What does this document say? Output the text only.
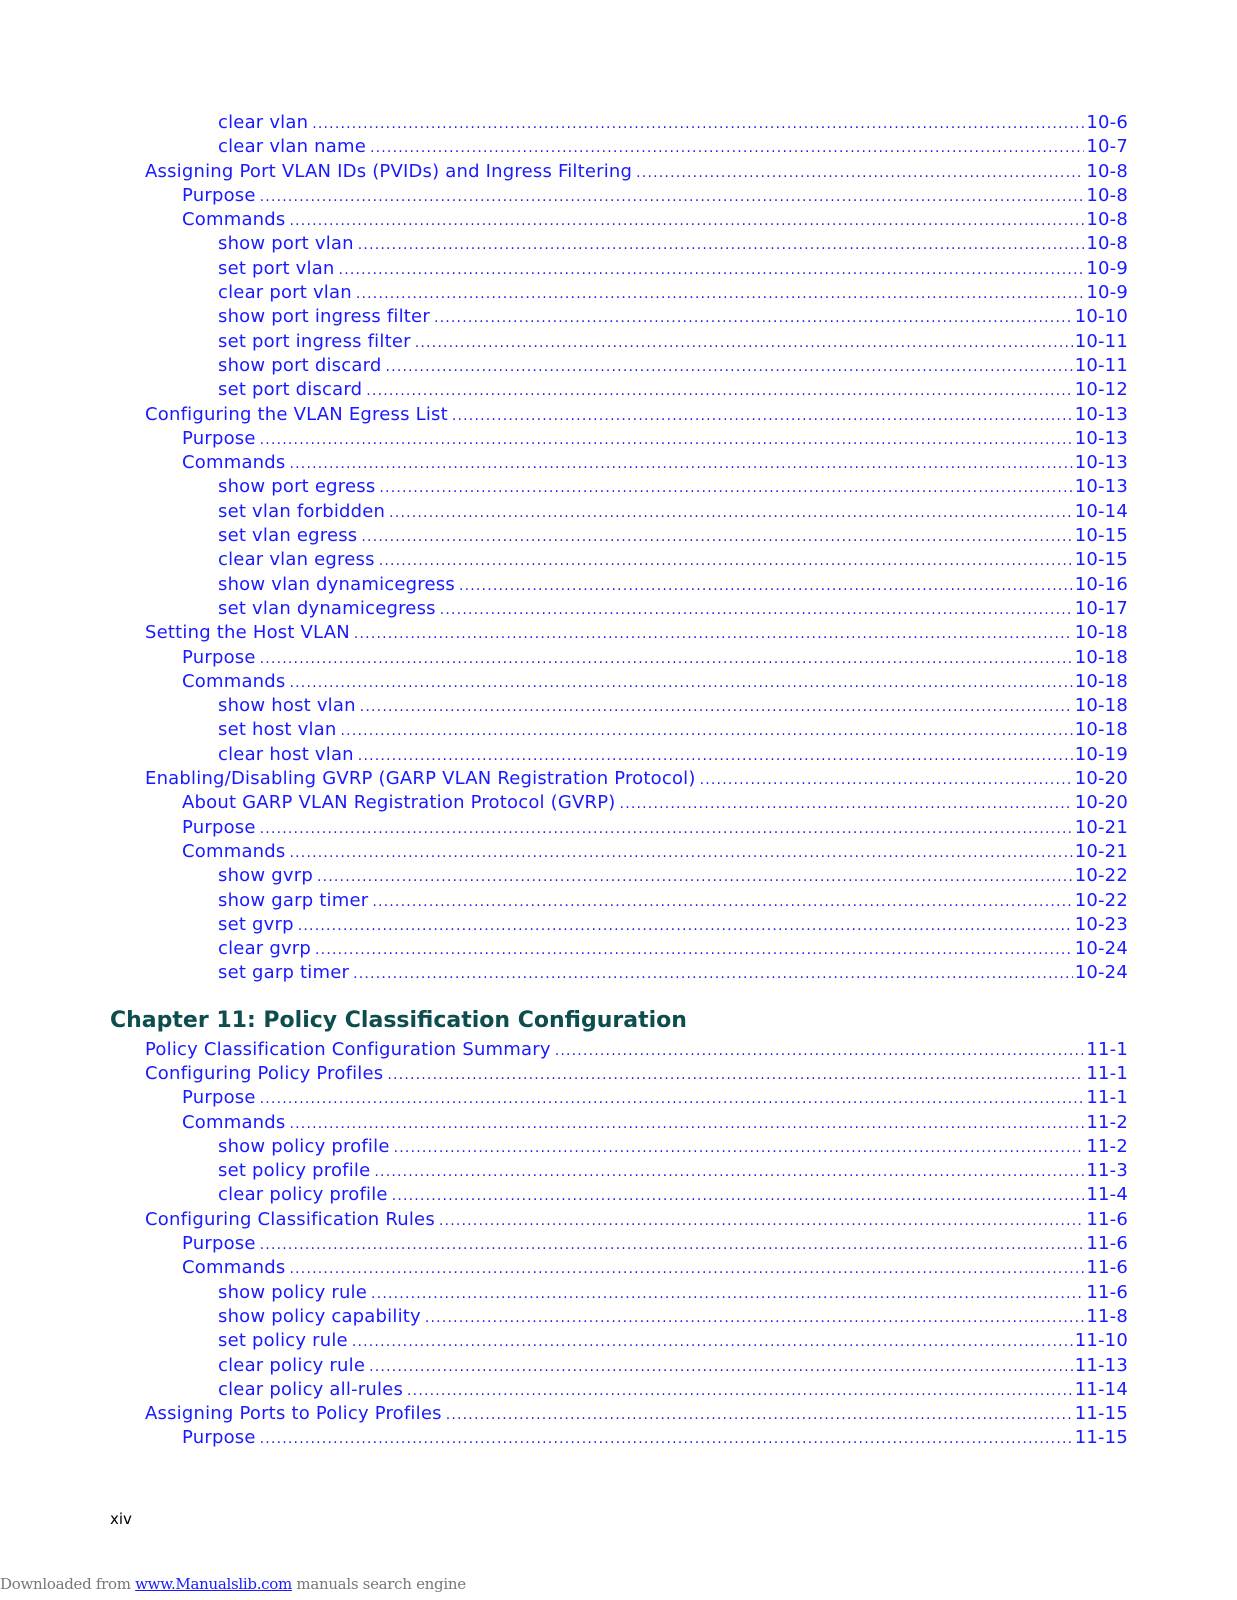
clear vlan .....	10-6
clear vlan name .....	10-7
Assigning Port VLAN IDs (PVIDs) and Ingress Filtering .....	10-8
Purpose .....	10-8
Commands .....	10-8
show port vlan .....	10-8
set port vlan .....	10-9
clear port vlan .....	10-9
show port ingress filter .....	10-10
set port ingress filter .....	10-11
show port discard .....	10-11
set port discard .....	10-12
Configuring the VLAN Egress List .....	10-13
Purpose .....	10-13
Commands .....	10-13
show port egress .....	10-13
set vlan forbidden .....	10-14
set vlan egress .....	10-15
clear vlan egress .....	10-15
show vlan dynamicegress .....	10-16
set vlan dynamicegress .....	10-17
Setting the Host VLAN .....	10-18
Purpose .....	10-18
Commands .....	10-18
show host vlan .....	10-18
set host vlan .....	10-18
clear host vlan .....	10-19
Enabling/Disabling GVRP (GARP VLAN Registration Protocol) .....	10-20
About GARP VLAN Registration Protocol (GVRP) .....	10-20
Purpose .....	10-21
Commands .....	10-21
show gvrp .....	10-22
show garp timer .....	10-22
set gvrp .....	10-23
clear gvrp .....	10-24
set garp timer .....	10-24
Chapter 11: Policy Classification Configuration
Policy Classification Configuration Summary .....	11-1
Configuring Policy Profiles .....	11-1
Purpose .....	11-1
Commands .....	11-2
show policy profile .....	11-2
set policy profile .....	11-3
clear policy profile .....	11-4
Configuring Classification Rules .....	11-6
Purpose .....	11-6
Commands .....	11-6
show policy rule .....	11-6
show policy capability .....	11-8
set policy rule .....	11-10
clear policy rule .....	11-13
clear policy all-rules .....	11-14
Assigning Ports to Policy Profiles .....	11-15
Purpose .....	11-15
xiv
Downloaded from www.Manualslib.com manuals search engine
